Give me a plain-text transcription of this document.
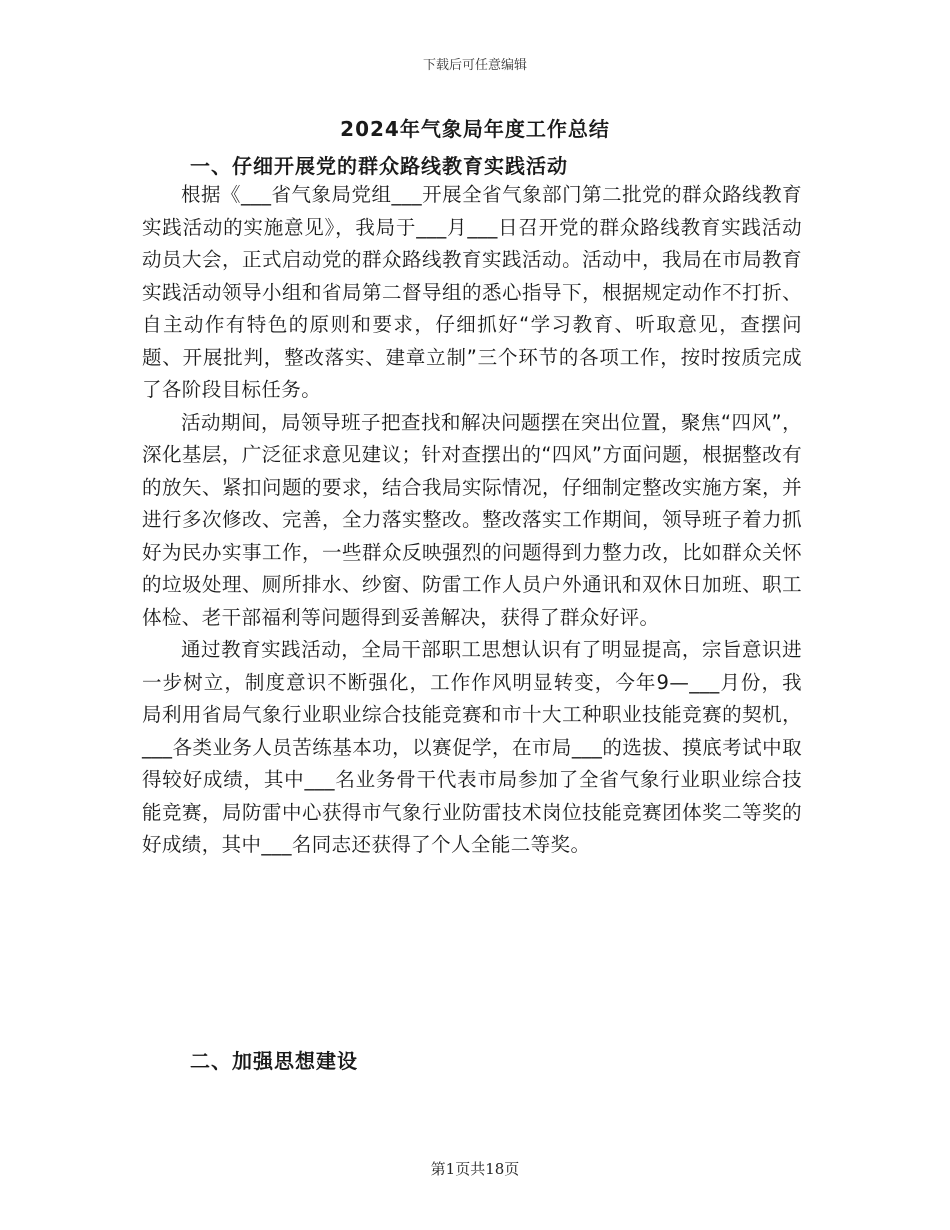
下载后可任意编辑
2024年气象局年度工作总结
一、仔细开展党的群众路线教育实践活动

根据《___省气象局党组___开展全省气象部门第二批党的群众路线教育实践活动的实施意见》，我局于___月___日召开党的群众路线教育实践活动动员大会，正式启动党的群众路线教育实践活动。活动中，我局在市局教育实践活动领导小组和省局第二督导组的悉心指导下，根据规定动作不打折、自主动作有特色的原则和要求，仔细抓好“学习教育、听取意见，查摆问题、开展批判，整改落实、建章立制”三个环节的各项工作，按时按质完成了各阶段目标任务。

活动期间，局领导班子把查找和解决问题摆在突出位置，聚焦“四风”，深化基层，广泛征求意见建议；针对查摆出的“四风”方面问题，根据整改有的放矢、紧扣问题的要求，结合我局实际情况，仔细制定整改实施方案，并进行多次修改、完善，全力落实整改。整改落实工作期间，领导班子着力抓好为民办实事工作，一些群众反映强烈的问题得到力整力改，比如群众关怀的垃圾处理、厕所排水、纱窗、防雷工作人员户外通讯和双休日加班、职工体检、老干部福利等问题得到妥善解决，获得了群众好评。

通过教育实践活动，全局干部职工思想认识有了明显提高，宗旨意识进一步树立，制度意识不断强化，工作作风明显转变，今年9—___月份，我局利用省局气象行业职业综合技能竞赛和市十大工种职业技能竞赛的契机，___各类业务人员苦练基本功，以赛促学，在市局___的选拔、摸底考试中取得较好成绩，其中___名业务骨干代表市局参加了全省气象行业职业综合技能竞赛，局防雷中心获得市气象行业防雷技术岗位技能竞赛团体奖二等奖的好成绩，其中___名同志还获得了个人全能二等奖。

二、加强思想建设
第1页共18页
